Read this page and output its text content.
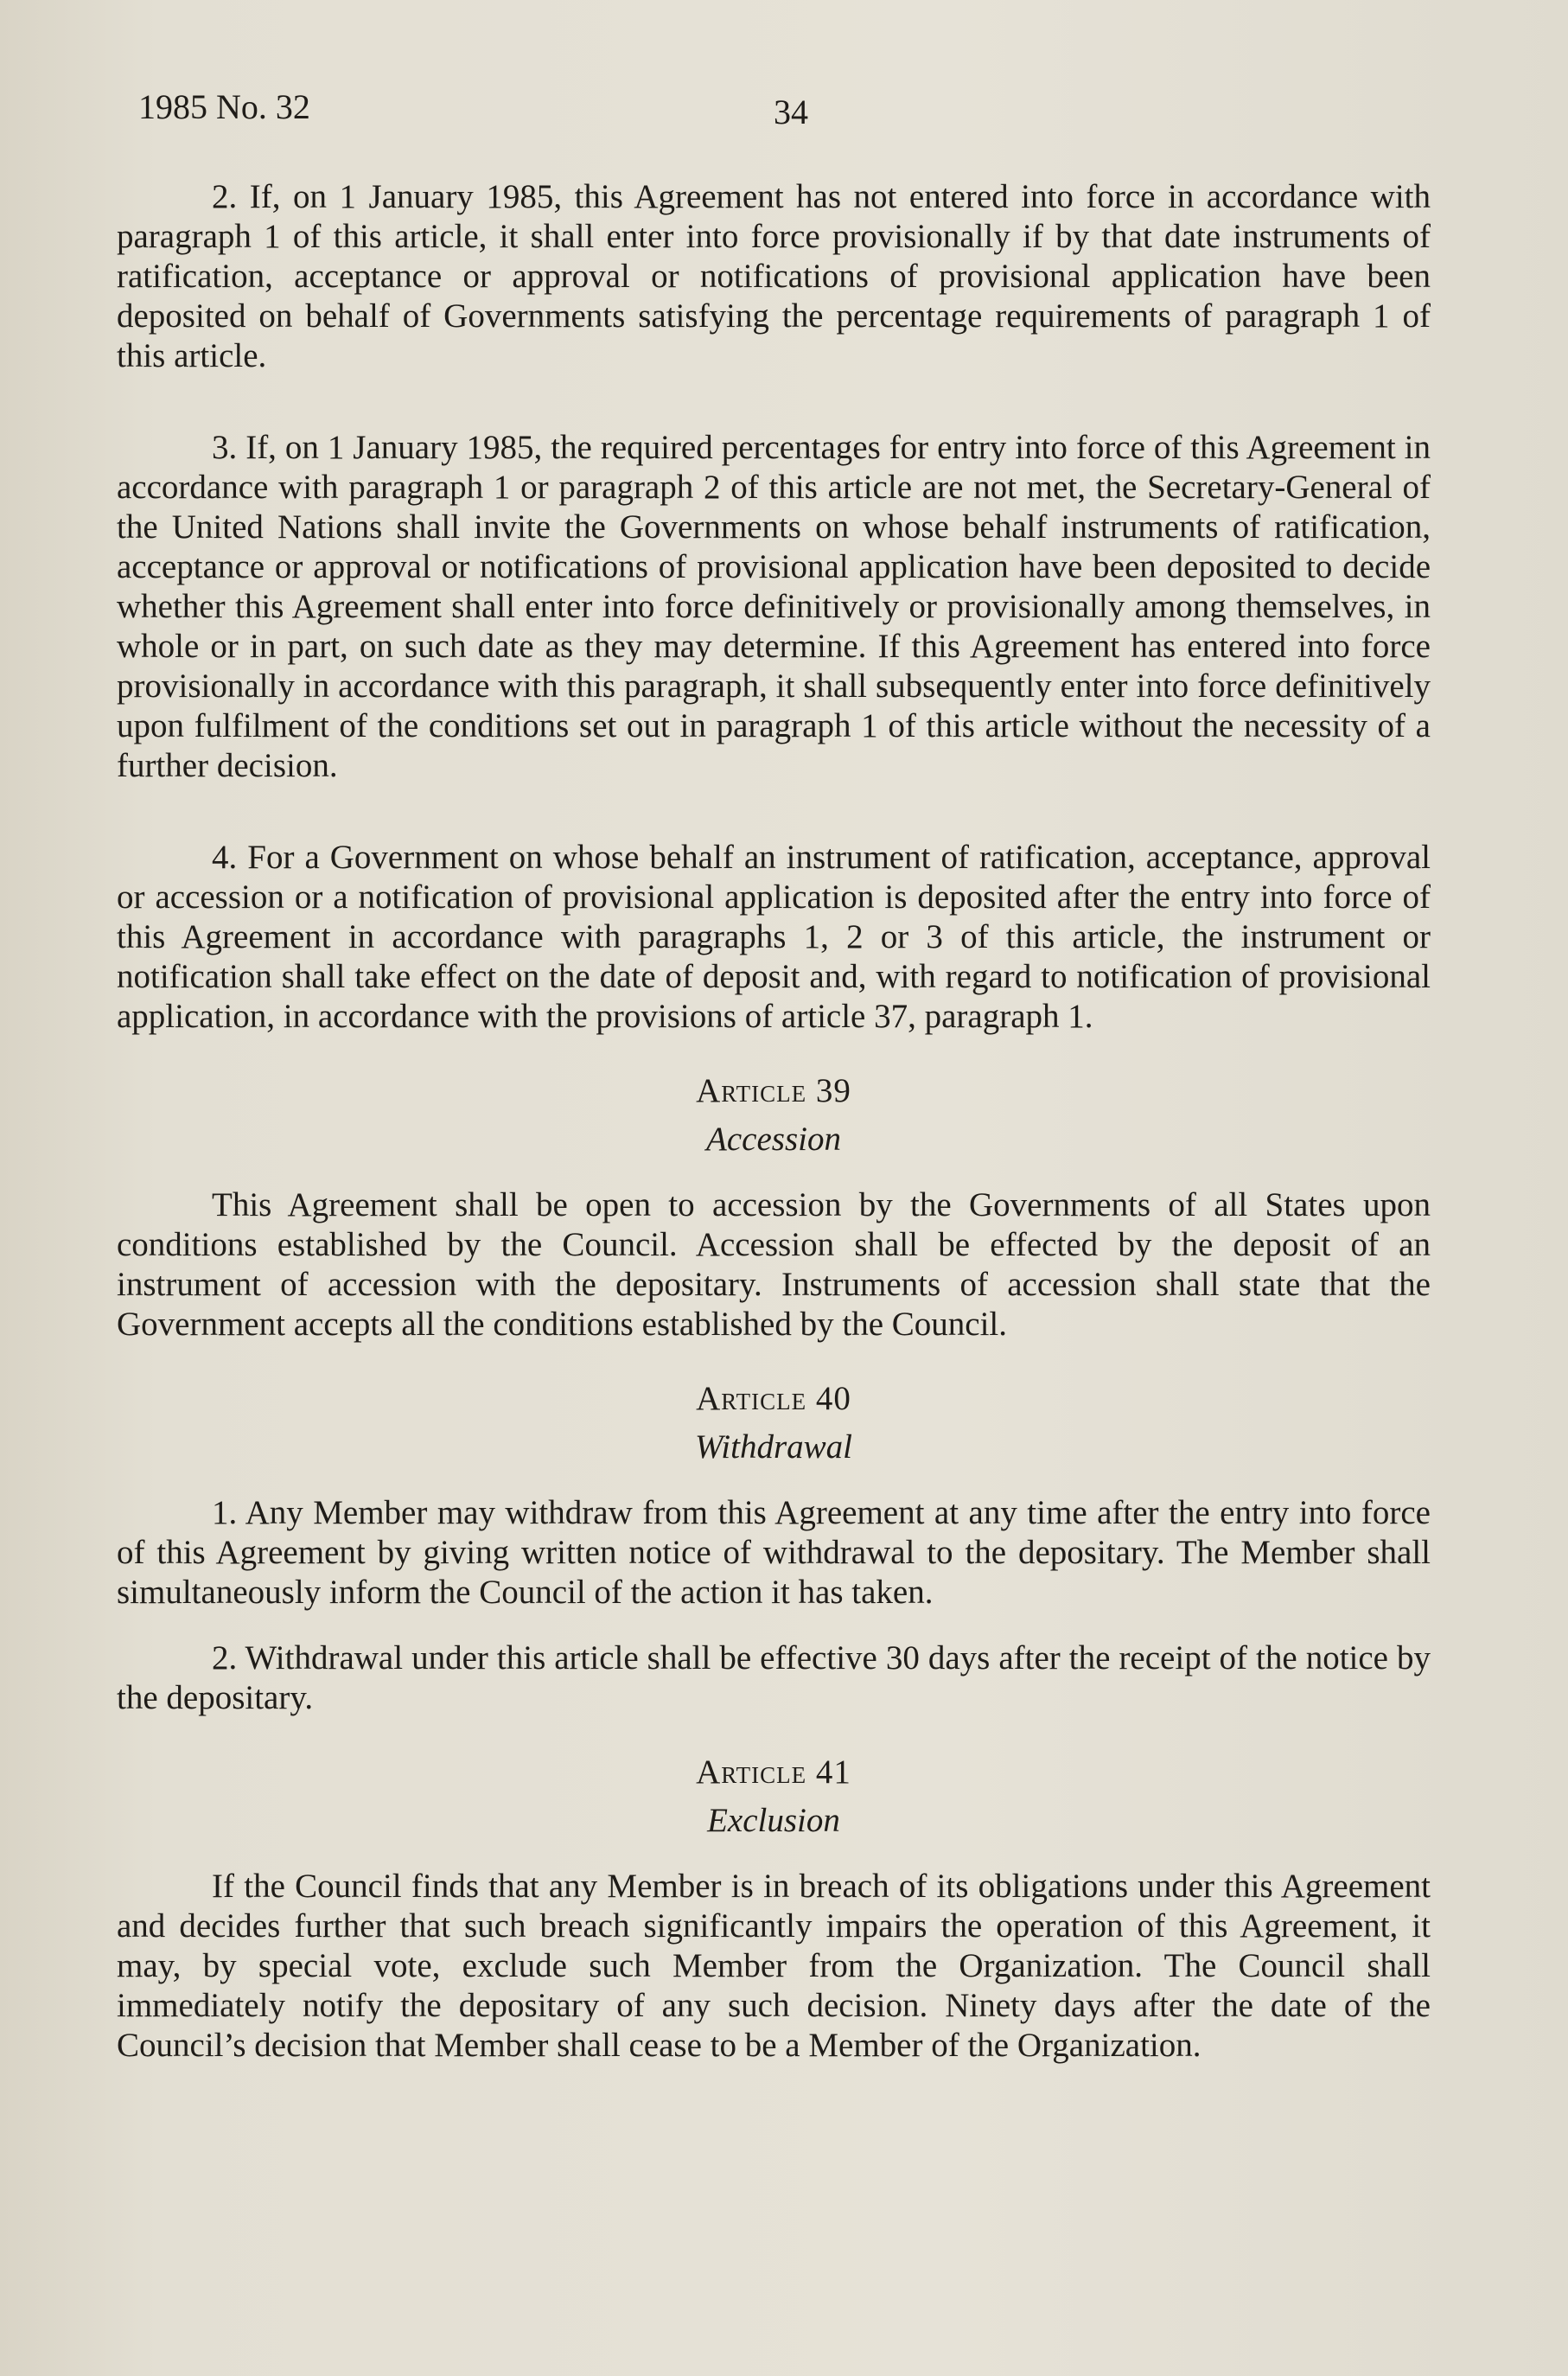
1985 No. 32	34

2. If, on 1 January 1985, this Agreement has not entered into force in accordance with paragraph 1 of this article, it shall enter into force provisionally if by that date instruments of ratification, acceptance or approval or notifications of provisional application have been deposited on behalf of Governments satisfying the percentage requirements of paragraph 1 of this article.

3. If, on 1 January 1985, the required percentages for entry into force of this Agreement in accordance with paragraph 1 or paragraph 2 of this article are not met, the Secretary-General of the United Nations shall invite the Governments on whose behalf instruments of ratification, acceptance or approval or notifications of provisional application have been deposited to decide whether this Agreement shall enter into force definitively or provisionally among themselves, in whole or in part, on such date as they may determine. If this Agreement has entered into force provisionally in accordance with this paragraph, it shall subsequently enter into force definitively upon fulfilment of the conditions set out in paragraph 1 of this article without the necessity of a further decision.

4. For a Government on whose behalf an instrument of ratification, acceptance, approval or accession or a notification of provisional application is deposited after the entry into force of this Agreement in accordance with paragraphs 1, 2 or 3 of this article, the instrument or notification shall take effect on the date of deposit and, with regard to notification of provisional application, in accordance with the provisions of article 37, paragraph 1.

Article 39

Accession

This Agreement shall be open to accession by the Governments of all States upon conditions established by the Council. Accession shall be effected by the deposit of an instrument of accession with the depositary. Instruments of accession shall state that the Government accepts all the conditions established by the Council.

Article 40

Withdrawal

1. Any Member may withdraw from this Agreement at any time after the entry into force of this Agreement by giving written notice of withdrawal to the depositary. The Member shall simultaneously inform the Council of the action it has taken.

2. Withdrawal under this article shall be effective 30 days after the receipt of the notice by the depositary.

Article 41

Exclusion

If the Council finds that any Member is in breach of its obligations under this Agreement and decides further that such breach significantly impairs the operation of this Agreement, it may, by special vote, exclude such Member from the Organization. The Council shall immediately notify the depositary of any such decision. Ninety days after the date of the Council’s decision that Member shall cease to be a Member of the Organization.
